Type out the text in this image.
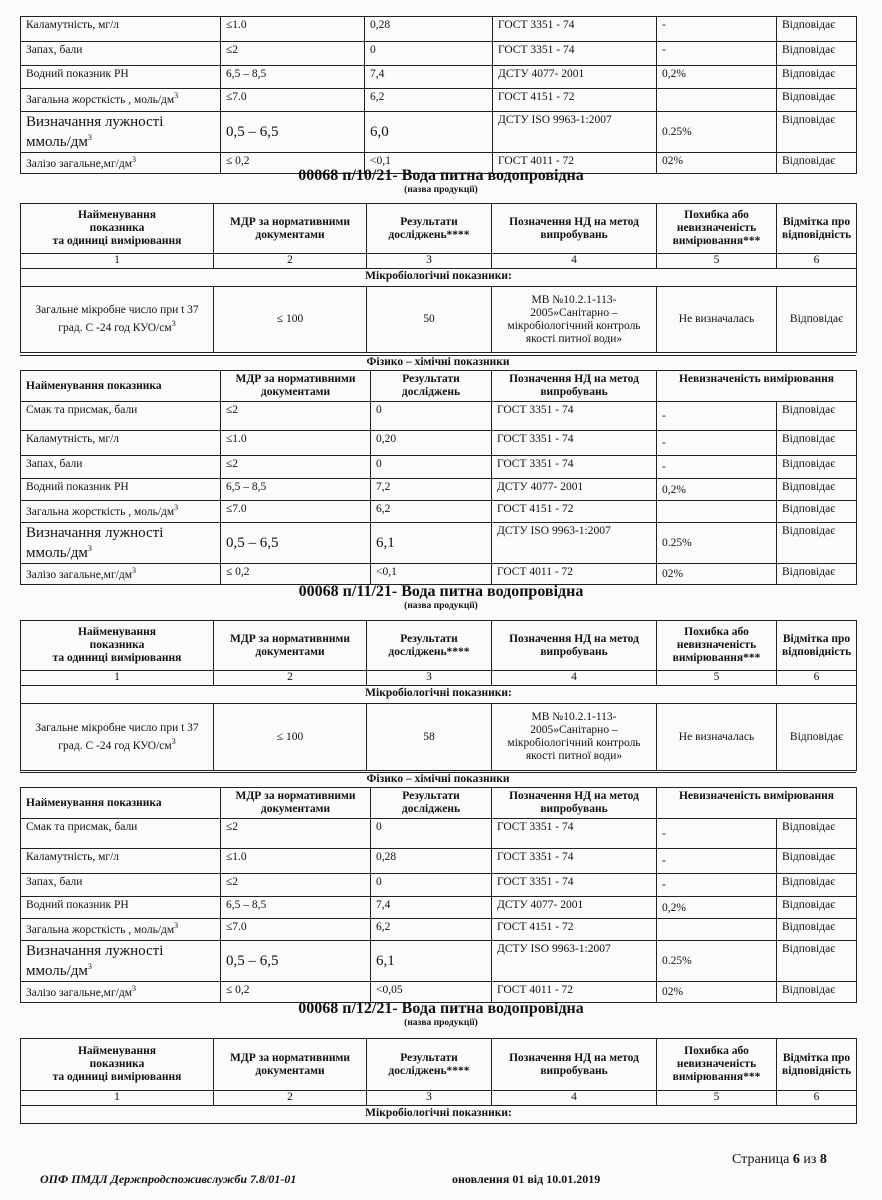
Каламутність, мг/л	≤1.0	0,28	ГОСТ 3351 - 74	-	Відповідає
Запах, бали	≤2	0	ГОСТ 3351 - 74	-	Відповідає
Водний показник РН	6,5 – 8,5	7,4	ДСТУ 4077- 2001	0,2%	Відповідає
Загальна жорсткість , моль/$дм^3$	≤7.0	6,2	ГОСТ 4151 - 72		Відповідає
Визначання лужності
ммоль/$дм^3$	0,5 – 6,5	6,0	ДСТУ ISO 9963-1:2007	0.25%	Відповідає
Залізо $загальне,мг/дм^3$	≤ 0,2	<0,1	ГОСТ 4011 - 72	02%	Відповідає
00068 п/10/21- Вода питна водопровідна
(назва продукції)
Найменування
показника
та одиниці вимірювання	МДР за нормативними документами	Результати досліджень****	Позначення НД на метод випробувань	Похибка або невизначеність вимірювання***	Відмітка про відповідність
1	2	3	4	5	6
Мікробіологічні показники:					
Загальне мікробне число при t 37
град. С -24 год КУО/$см^3$	≤ 100	50	МВ №10.2.1-113-2005»Санітарно – мікробіологічний контроль якості питної води»	Не визначалась	Відповідає
Фізико – хімічні показники
Найменування показника	МДР за нормативними документами	Результати досліджень	Позначення НД на метод випробувань	Невизначеність вимірювання	
Смак та присмак, бали	≤2	0	ГОСТ 3351 - 74	-	Відповідає
Каламутність, мг/л	≤1.0	0,20	ГОСТ 3351 - 74	-	Відповідає
Запах, бали	≤2	0	ГОСТ 3351 - 74	-	Відповідає
Водний показник РН	6,5 – 8,5	7,2	ДСТУ 4077- 2001	0,2%	Відповідає
Загальна жорсткість , моль/$дм^3$	≤7.0	6,2	ГОСТ 4151 - 72		Відповідає
Визначання лужності
ммоль/$дм^3$	0,5 – 6,5	6,1	ДСТУ ISO 9963-1:2007	0.25%	Відповідає
Залізо $загальне,мг/дм^3$	≤ 0,2	<0,1	ГОСТ 4011 - 72	02%	Відповідає
00068 п/11/21- Вода питна водопровідна
(назва продукції)
Найменування
показника
та одиниці вимірювання	МДР за нормативними документами	Результати досліджень****	Позначення НД на метод випробувань	Похибка або невизначеність вимірювання***	Відмітка про відповідність
1	2	3	4	5	6
Мікробіологічні показники:					
Загальне мікробне число при t 37
град. С -24 год КУО/$см^3$	≤ 100	58	МВ №10.2.1-113-2005»Санітарно – мікробіологічний контроль якості питної води»	Не визначалась	Відповідає
Фізико – хімічні показники
Найменування показника	МДР за нормативними документами	Результати досліджень	Позначення НД на метод випробувань	Невизначеність вимірювання	
Смак та присмак, бали	≤2	0	ГОСТ 3351 - 74	-	Відповідає
Каламутність, мг/л	≤1.0	0,28	ГОСТ 3351 - 74	-	Відповідає
Запах, бали	≤2	0	ГОСТ 3351 - 74	-	Відповідає
Водний показник РН	6,5 – 8,5	7,4	ДСТУ 4077- 2001	0,2%	Відповідає
Загальна жорсткість , моль/$дм^3$	≤7.0	6,2	ГОСТ 4151 - 72		Відповідає
Визначання лужності
ммоль/$дм^3$	0,5 – 6,5	6,1	ДСТУ ISO 9963-1:2007	0.25%	Відповідає
Залізо $загальне,мг/дм^3$	≤ 0,2	<0,05	ГОСТ 4011 - 72	02%	Відповідає
00068 п/12/21- Вода питна водопровідна
(назва продукції)
Найменування
показника
та одиниці вимірювання	МДР за нормативними документами	Результати досліджень****	Позначення НД на метод випробувань	Похибка або невизначеність вимірювання***	Відмітка про відповідність
1	2	3	4	5	6
Мікробіологічні показники:					
Страница 6 из 8
ОПФ ПМДЛ Держпродспоживслужби 7.8/01-01	оновлення 01 від 10.01.2019
